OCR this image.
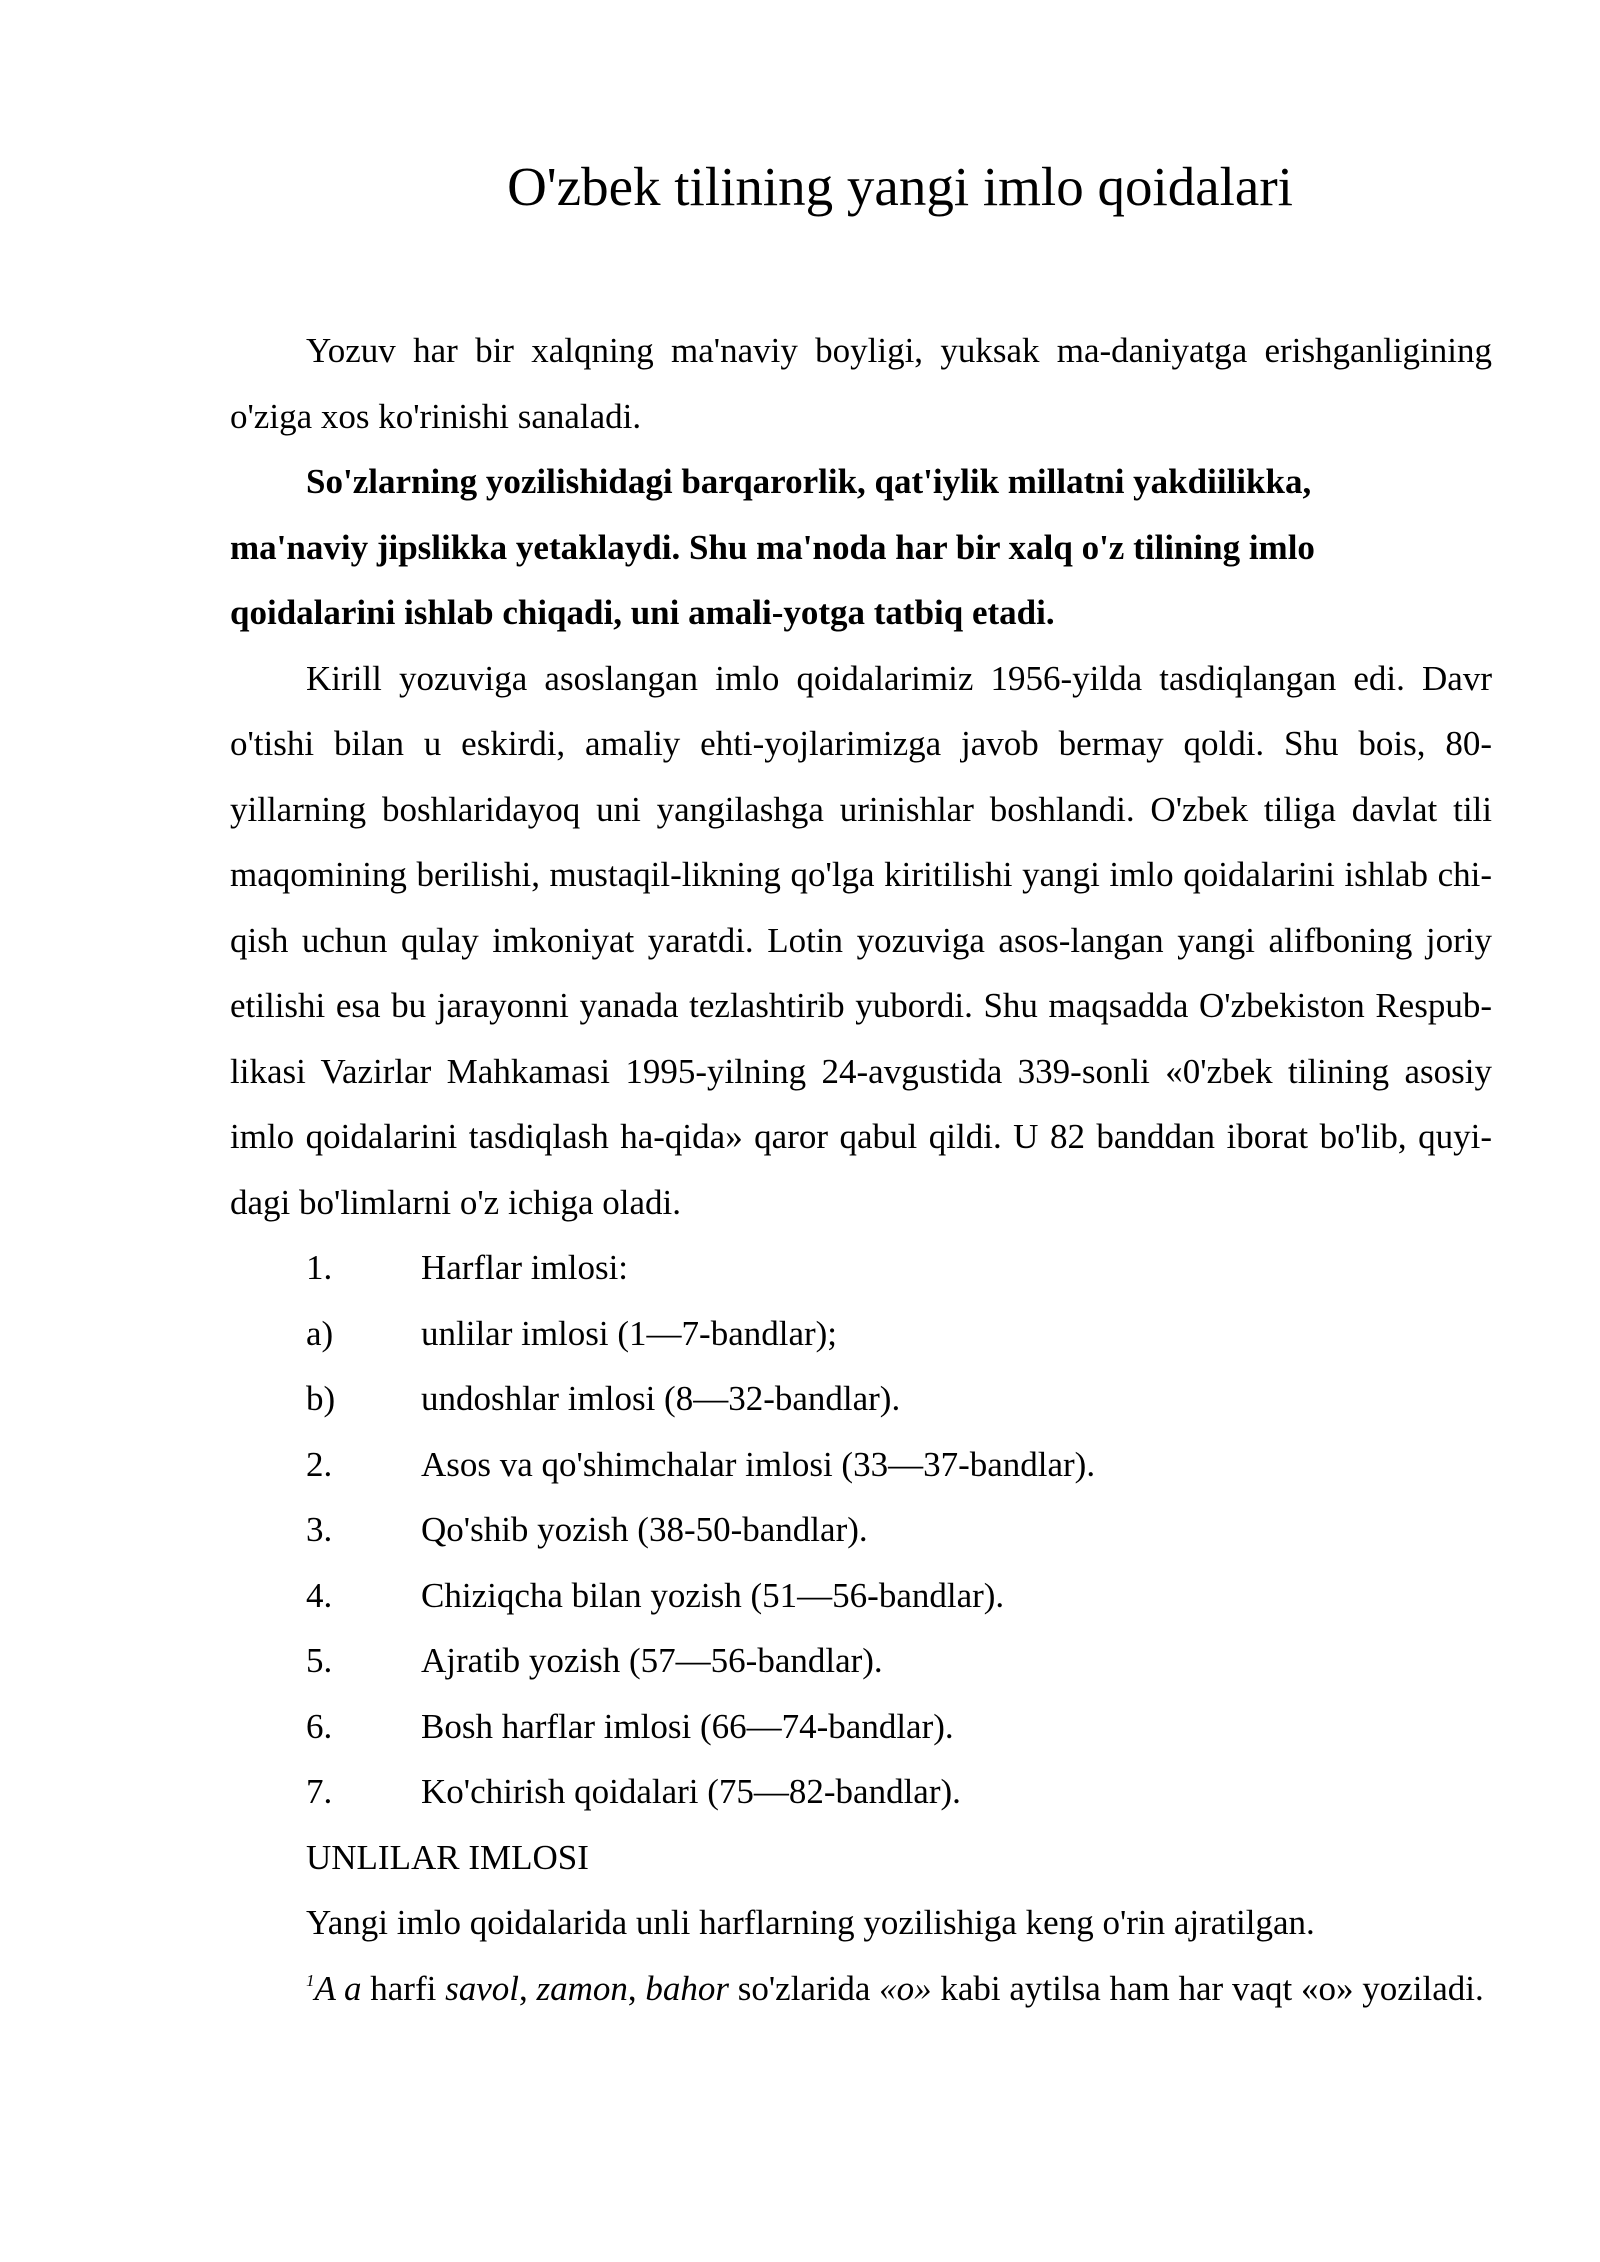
O'zbek tilining yangi imlo qoidalari

Yozuv har bir xalqning ma'naviy boyligi, yuksak ma-daniyatga erishganligining o'ziga xos ko'rinishi sanaladi.

So'zlarning yozilishidagi barqarorlik, qat'iylik millatni yakdiilikka,
ma'naviy jipslikka yetaklaydi. Shu ma'noda har bir xalq o'z tilining imlo
qoidalarini ishlab chiqadi, uni amali-yotga tatbiq etadi.

Kirill yozuviga asoslangan imlo qoidalarimiz 1956-yilda tasdiqlangan edi. Davr o'tishi bilan u eskirdi, amaliy ehti-yojlarimizga javob bermay qoldi. Shu bois, 80-yillarning boshlaridayoq uni yangilashga urinishlar boshlandi. O'zbek tiliga davlat tili maqomining berilishi, mustaqil-likning qo'lga kiritilishi yangi imlo qoidalarini ishlab chi-qish uchun qulay imkoniyat yaratdi. Lotin yozuviga asos-langan yangi alifboning joriy etilishi esa bu jarayonni yanada tezlashtirib yubordi. Shu maqsadda O'zbekiston Respub-likasi Vazirlar Mahkamasi 1995-yilning 24-avgustida 339-sonli «0'zbek tilining asosiy imlo qoidalarini tasdiqlash ha-qida» qaror qabul qildi. U 82 banddan iborat bo'lib, quyi-dagi bo'limlarni o'z ichiga oladi.

1.	Harflar imlosi:
a)	unlilar imlosi (1—7-bandlar);
b)	undoshlar imlosi (8—32-bandlar).
2.	Asos va qo'shimchalar imlosi (33—37-bandlar).
3.	Qo'shib yozish (38-50-bandlar).
4.	Chiziqcha bilan yozish (51—56-bandlar).
5.	Ajratib yozish (57—56-bandlar).
6.	Bosh harflar imlosi (66—74-bandlar).
7.	Ko'chirish qoidalari (75—82-bandlar).

UNLILAR IMLOSI

Yangi imlo qoidalarida unli harflarning yozilishiga keng o'rin ajratilgan.

$^1$A a harfi savol, zamon, bahor so'zlarida «o» kabi aytilsa ham har vaqt «o» yoziladi.
